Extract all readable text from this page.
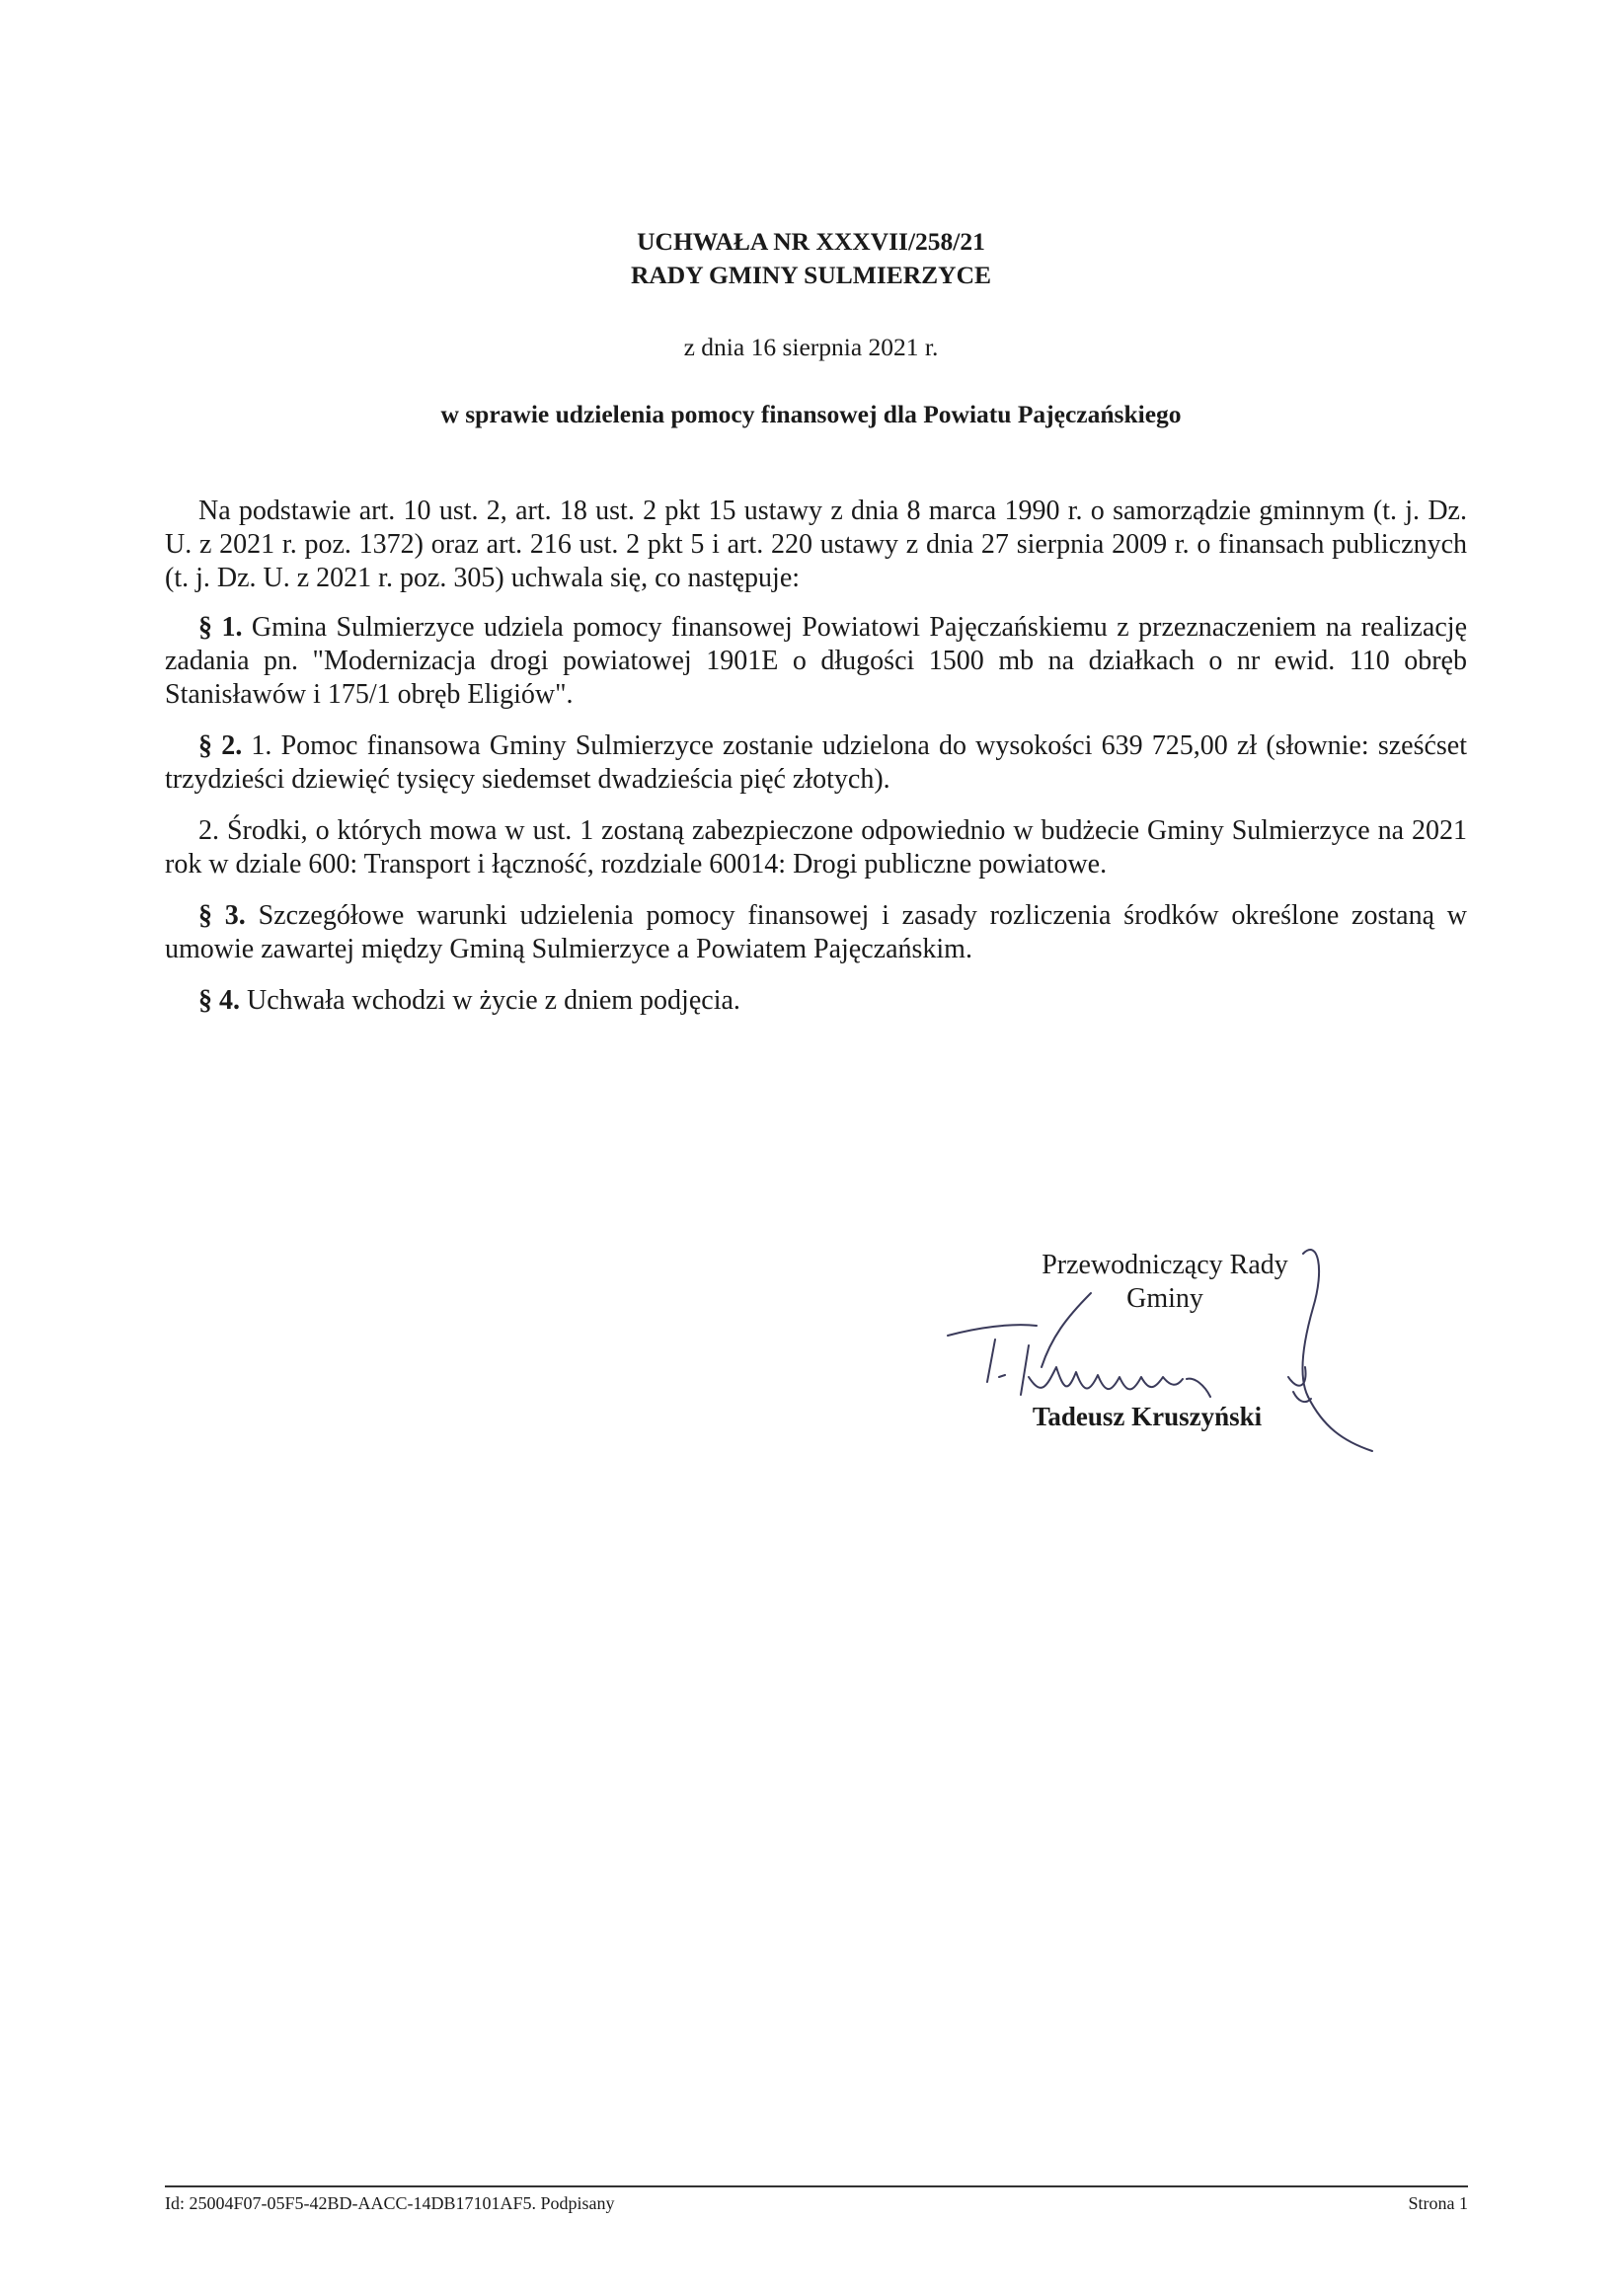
UCHWAŁA NR XXXVII/258/21
RADY GMINY SULMIERZYCE
z dnia 16 sierpnia 2021 r.
w sprawie udzielenia pomocy finansowej dla Powiatu Pajęczańskiego

Na podstawie art. 10 ust. 2, art. 18 ust. 2 pkt 15 ustawy z dnia 8 marca 1990 r. o samorządzie gminnym (t. j. Dz. U. z 2021 r. poz. 1372) oraz art. 216 ust. 2 pkt 5 i art. 220 ustawy z dnia 27 sierpnia 2009 r. o finansach publicznych (t. j. Dz. U. z 2021 r. poz. 305) uchwala się, co następuje:

§ 1. Gmina Sulmierzyce udziela pomocy finansowej Powiatowi Pajęczańskiemu z przeznaczeniem na realizację zadania pn. "Modernizacja drogi powiatowej 1901E o długości 1500 mb na działkach o nr ewid. 110 obręb Stanisławów i 175/1 obręb Eligiów".

§ 2. 1. Pomoc finansowa Gminy Sulmierzyce zostanie udzielona do wysokości 639 725,00 zł (słownie: sześćset trzydzieści dziewięć tysięcy siedemset dwadzieścia pięć złotych).

2. Środki, o których mowa w ust. 1 zostaną zabezpieczone odpowiednio w budżecie Gminy Sulmierzyce na 2021 rok w dziale 600: Transport i łączność, rozdziale 60014: Drogi publiczne powiatowe.

§ 3. Szczegółowe warunki udzielenia pomocy finansowej i zasady rozliczenia środków określone zostaną w umowie zawartej między Gminą Sulmierzyce a Powiatem Pajęczańskim.

§ 4. Uchwała wchodzi w życie z dniem podjęcia.

Przewodniczący Rady
Gminy
Tadeusz Kruszyński
Id: 25004F07-05F5-42BD-AACC-14DB17101AF5. Podpisany	Strona 1
